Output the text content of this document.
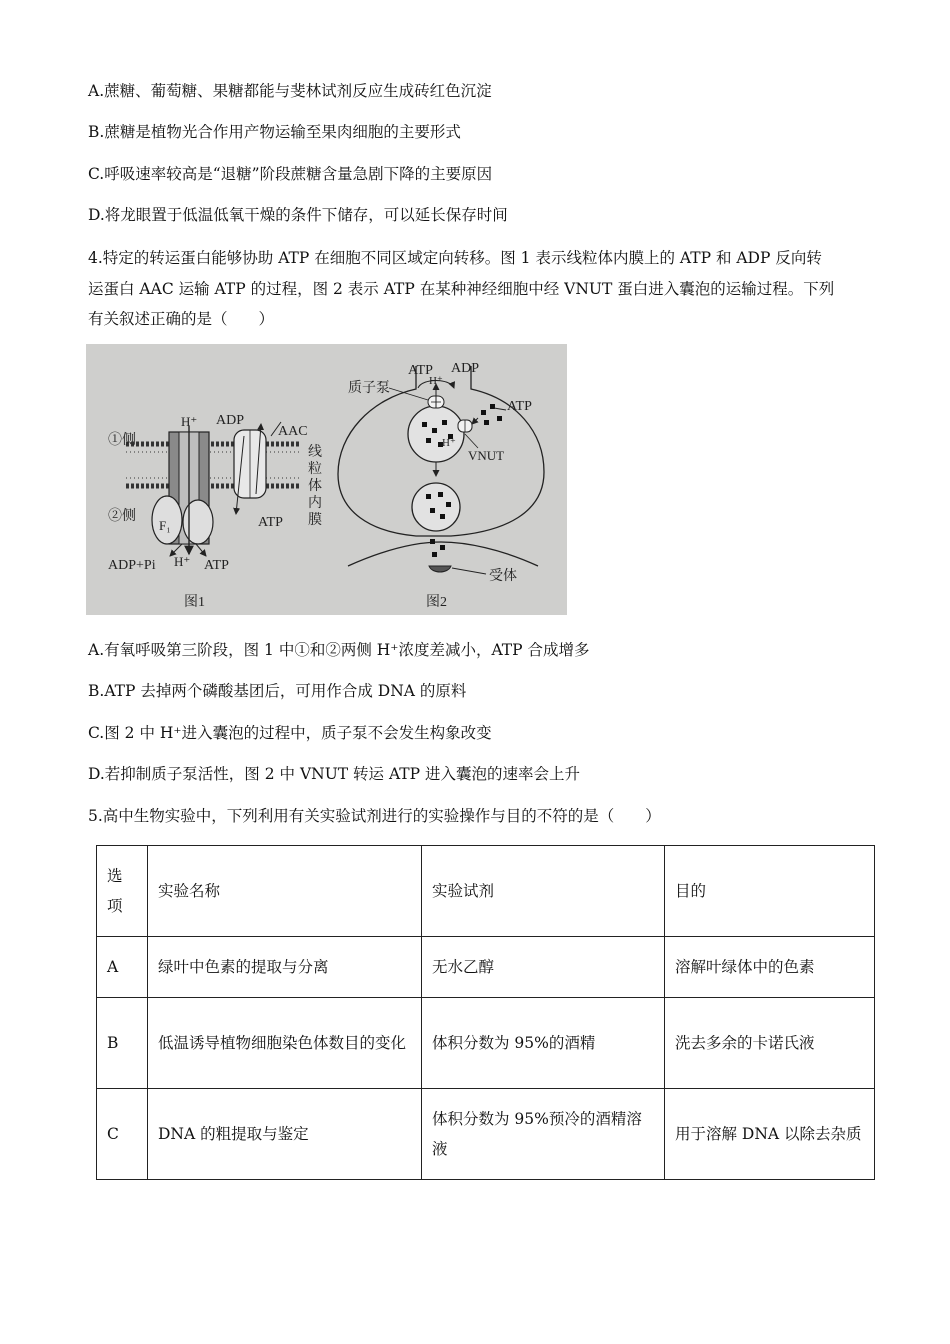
A.蔗糖、葡萄糖、果糖都能与斐林试剂反应生成砖红色沉淀
B.蔗糖是植物光合作用产物运输至果肉细胞的主要形式
C.呼吸速率较高是“退糖”阶段蔗糖含量急剧下降的主要原因
D.将龙眼置于低温低氧干燥的条件下储存，可以延长保存时间
4.特定的转运蛋白能够协助 ATP 在细胞不同区域定向转移。图 1 表示线粒体内膜上的 ATP 和 ADP 反向转
运蛋白 AAC 运输 ATP 的过程，图 2 表示 ATP 在某种神经细胞中经 VNUT 蛋白进入囊泡的运输过程。下列
有关叙述正确的是（　　）
①侧
②侧
H⁺ ADP
AAC
ATP
F₁
ADP+Pi H⁺ ATP
线
粒
体
内
膜
图1
ATP ADP
H⁺
质子泵
ATP
H⁺
VNUT
受体
图2
A.有氧呼吸第三阶段，图 1 中①和②两侧 H⁺浓度差减小，ATP 合成增多
B.ATP 去掉两个磷酸基团后，可用作合成 DNA 的原料
C.图 2 中 H⁺进入囊泡的过程中，质子泵不会发生构象改变
D.若抑制质子泵活性，图 2 中 VNUT 转运 ATP 进入囊泡的速率会上升
5.高中生物实验中，下列利用有关实验试剂进行的实验操作与目的不符的是（　　）
选项	实验名称	实验试剂	目的
A	绿叶中色素的提取与分离	无水乙醇	溶解叶绿体中的色素
B	低温诱导植物细胞染色体数目的变化	体积分数为 95%的酒精	洗去多余的卡诺氏液
C	DNA 的粗提取与鉴定	体积分数为 95%预冷的酒精溶液	用于溶解 DNA 以除去杂质
